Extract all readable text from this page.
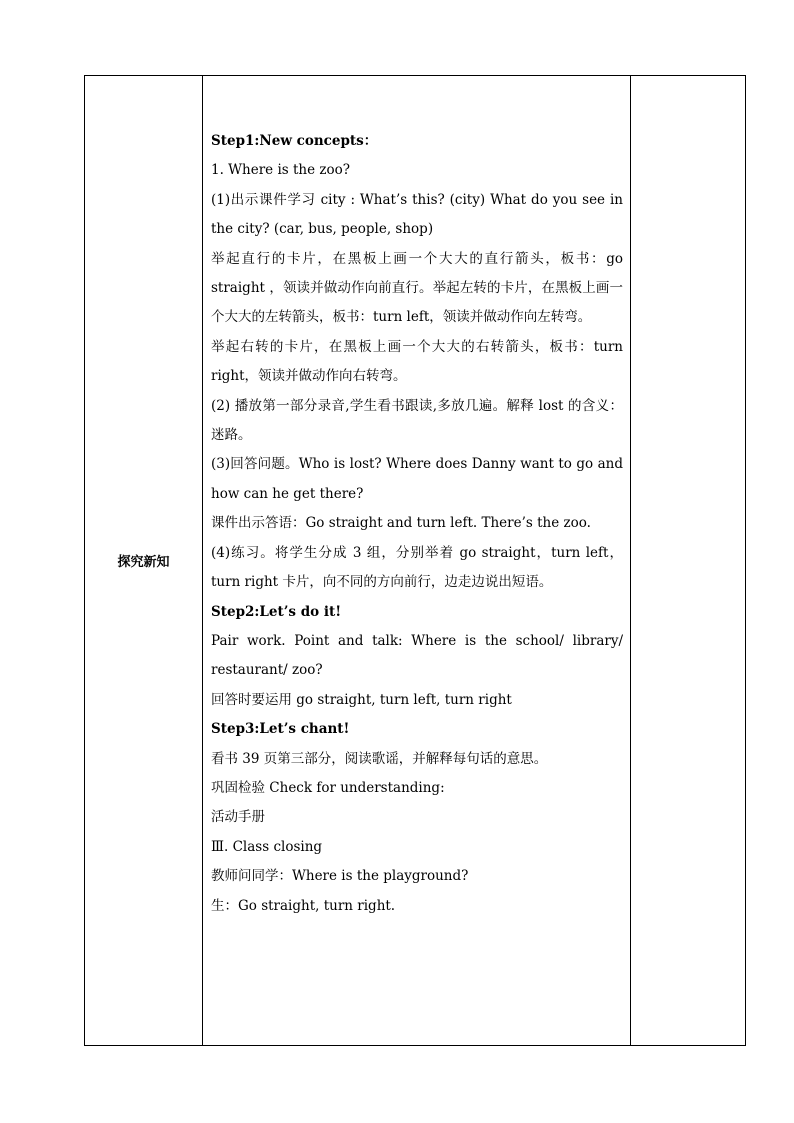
探究新知	
Step1:New concepts：
1. Where is the zoo?
(1)出示课件学习 city : What’s this? (city) What do you see in the city? (car, bus, people, shop)
举起直行的卡片，在黑板上画一个大大的直行箭头，板书：go straight ，领读并做动作向前直行。举起左转的卡片，在黑板上画一个大大的左转箭头，板书：turn left，领读并做动作向左转弯。
举起右转的卡片，在黑板上画一个大大的右转箭头，板书：turn right，领读并做动作向右转弯。
(2) 播放第一部分录音,学生看书跟读,多放几遍。解释 lost 的含义：迷路。
(3)回答问题。Who is lost? Where does Danny want to go and how can he get there?
课件出示答语：Go straight and turn left. There’s the zoo.
(4)练习。将学生分成 3 组，分别举着 go straight，turn left，turn right 卡片，向不同的方向前行，边走边说出短语。
Step2:Let’s do it!
Pair work. Point and talk: Where is the school/ library/ restaurant/ zoo?
回答时要运用 go straight, turn left, turn right
Step3:Let’s chant!
看书 39 页第三部分，阅读歌谣，并解释每句话的意思。
巩固检验 Check for understanding:
活动手册
Ⅲ. Class closing
教师问同学：Where is the playground?
生：Go straight, turn right.
